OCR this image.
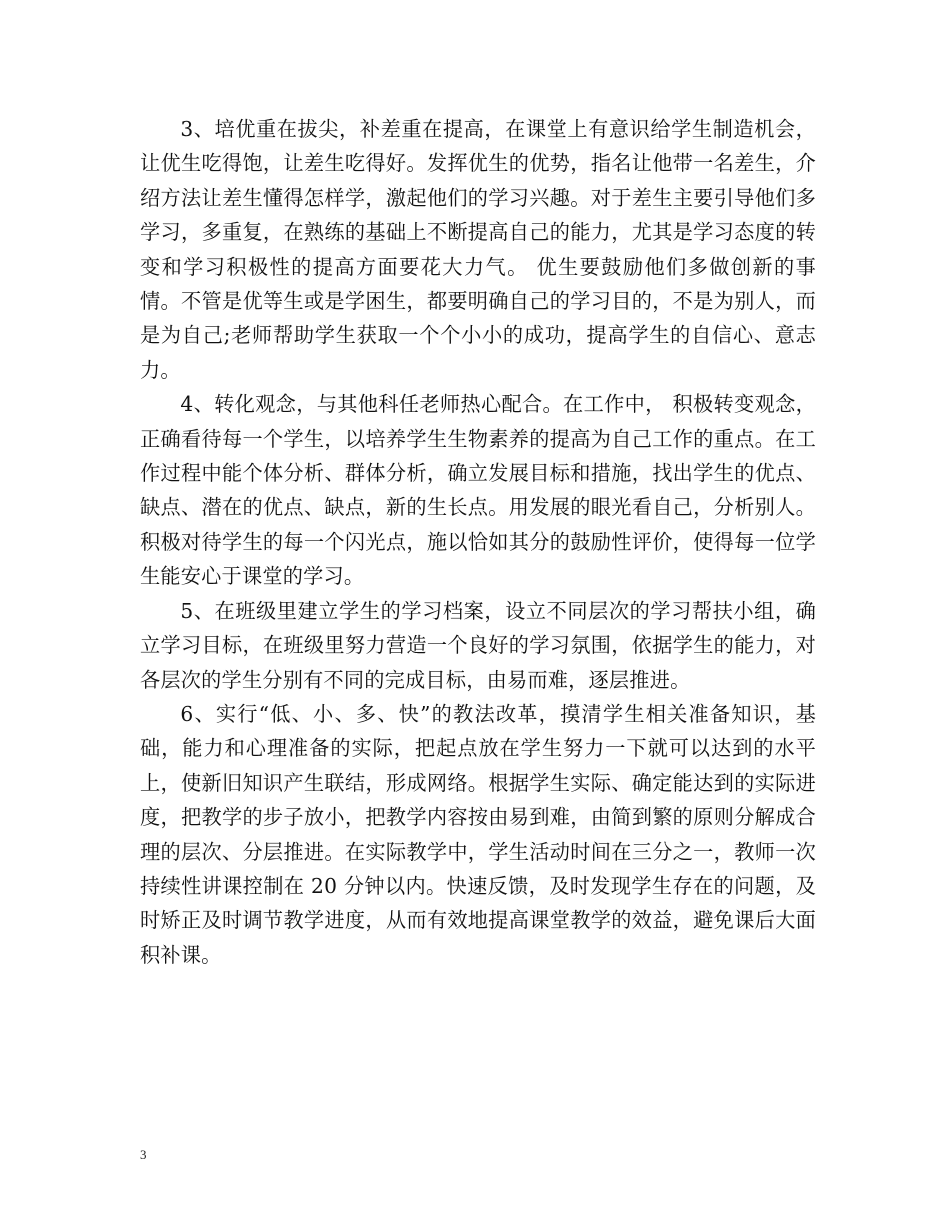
3、培优重在拔尖，补差重在提高，在课堂上有意识给学生制造机会，让优生吃得饱，让差生吃得好。发挥优生的优势，指名让他带一名差生，介绍方法让差生懂得怎样学，激起他们的学习兴趣。对于差生主要引导他们多学习，多重复，在熟练的基础上不断提高自己的能力，尤其是学习态度的转变和学习积极性的提高方面要花大力气。 优生要鼓励他们多做创新的事情。不管是优等生或是学困生，都要明确自己的学习目的，不是为别人，而是为自己;老师帮助学生获取一个个小小的成功，提高学生的自信心、意志力。

4、转化观念，与其他科任老师热心配合。在工作中， 积极转变观念，正确看待每一个学生，以培养学生生物素养的提高为自己工作的重点。在工作过程中能个体分析、群体分析，确立发展目标和措施，找出学生的优点、缺点、潜在的优点、缺点，新的生长点。用发展的眼光看自己，分析别人。积极对待学生的每一个闪光点，施以恰如其分的鼓励性评价，使得每一位学生能安心于课堂的学习。

5、在班级里建立学生的学习档案，设立不同层次的学习帮扶小组，确立学习目标，在班级里努力营造一个良好的学习氛围，依据学生的能力，对各层次的学生分别有不同的完成目标，由易而难，逐层推进。

6、实行“低、小、多、快”的教法改革，摸清学生相关准备知识，基础，能力和心理准备的实际，把起点放在学生努力一下就可以达到的水平上，使新旧知识产生联结，形成网络。根据学生实际、确定能达到的实际进度，把教学的步子放小，把教学内容按由易到难，由简到繁的原则分解成合理的层次、分层推进。在实际教学中，学生活动时间在三分之一，教师一次持续性讲课控制在 20 分钟以内。快速反馈，及时发现学生存在的问题，及时矫正及时调节教学进度，从而有效地提高课堂教学的效益，避免课后大面积补课。

3
